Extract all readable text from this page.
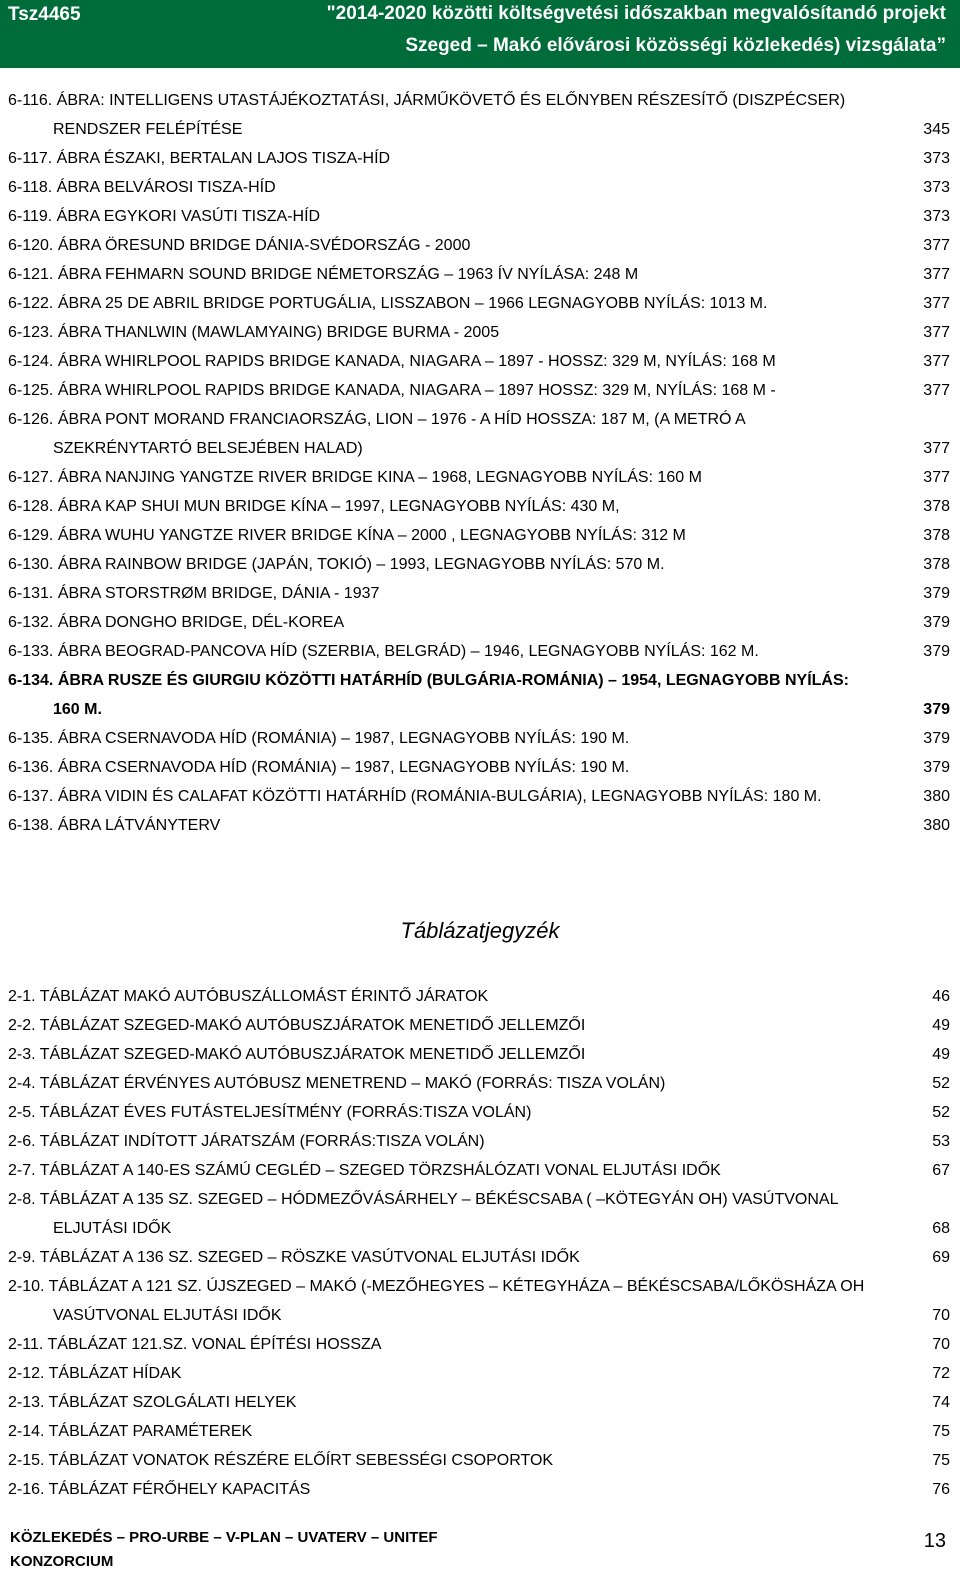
Tsz4465	"2014-2020 közötti költségvetési időszakban megvalósítandó projekt
Szeged – Makó elővárosi közösségi közlekedés) vizsgálata”
6-116. ÁBRA: INTELLIGENS UTASTÁJÉKOZTATÁSI, JÁRMŰKÖVETŐ ÉS ELŐNYBEN RÉSZESÍTŐ (DISZPÉCSER)
RENDSZER FELÉPÍTÉSE	345
6-117. ÁBRA ÉSZAKI, BERTALAN LAJOS TISZA-HÍD	373
6-118. ÁBRA BELVÁROSI TISZA-HÍD	373
6-119. ÁBRA EGYKORI VASÚTI TISZA-HÍD	373
6-120. ÁBRA ÖRESUND BRIDGE DÁNIA-SVÉDORSZÁG - 2000	377
6-121. ÁBRA FEHMARN SOUND BRIDGE NÉMETORSZÁG – 1963 ÍV NYÍLÁSA: 248 M	377
6-122. ÁBRA 25 DE ABRIL BRIDGE PORTUGÁLIA, LISSZABON – 1966 LEGNAGYOBB NYÍLÁS: 1013 M.	377
6-123. ÁBRA THANLWIN (MAWLAMYAING) BRIDGE BURMA - 2005	377
6-124. ÁBRA WHIRLPOOL RAPIDS BRIDGE KANADA, NIAGARA – 1897 - HOSSZ: 329 M, NYÍLÁS: 168 M	377
6-125. ÁBRA WHIRLPOOL RAPIDS BRIDGE KANADA, NIAGARA – 1897 HOSSZ: 329 M, NYÍLÁS: 168 M -	377
6-126. ÁBRA PONT MORAND FRANCIAORSZÁG, LION – 1976 - A HÍD HOSSZA: 187 M, (A METRÓ A
SZEKRÉNYTARTÓ BELSEJÉBEN HALAD)	377
6-127. ÁBRA NANJING YANGTZE RIVER BRIDGE KINA – 1968, LEGNAGYOBB NYÍLÁS: 160 M	377
6-128. ÁBRA KAP SHUI MUN BRIDGE KÍNA – 1997, LEGNAGYOBB NYÍLÁS: 430 M,	378
6-129. ÁBRA WUHU YANGTZE RIVER BRIDGE KÍNA – 2000 , LEGNAGYOBB NYÍLÁS: 312 M	378
6-130. ÁBRA RAINBOW BRIDGE (JAPÁN, TOKIÓ) – 1993, LEGNAGYOBB NYÍLÁS: 570 M.	378
6-131. ÁBRA STORSTRØM BRIDGE, DÁNIA - 1937	379
6-132. ÁBRA DONGHO BRIDGE, DÉL-KOREA	379
6-133. ÁBRA BEOGRAD-PANCOVA HÍD (SZERBIA, BELGRÁD) – 1946, LEGNAGYOBB NYÍLÁS: 162 M.	379
6-134. ÁBRA RUSZE ÉS GIURGIU KÖZÖTTI HATÁRHÍD (BULGÁRIA-ROMÁNIA) – 1954, LEGNAGYOBB NYÍLÁS:
160 M.	379
6-135. ÁBRA CSERNAVODA HÍD (ROMÁNIA) – 1987, LEGNAGYOBB NYÍLÁS: 190 M.	379
6-136. ÁBRA CSERNAVODA HÍD (ROMÁNIA) – 1987, LEGNAGYOBB NYÍLÁS: 190 M.	379
6-137. ÁBRA VIDIN ÉS CALAFAT KÖZÖTTI HATÁRHÍD (ROMÁNIA-BULGÁRIA), LEGNAGYOBB NYÍLÁS: 180 M.	380
6-138. ÁBRA LÁTVÁNYTERV	380
Táblázatjegyzék
2-1. TÁBLÁZAT MAKÓ AUTÓBUSZÁLLOMÁST ÉRINTŐ JÁRATOK	46
2-2. TÁBLÁZAT SZEGED-MAKÓ AUTÓBUSZJÁRATOK MENETIDŐ JELLEMZŐI	49
2-3. TÁBLÁZAT SZEGED-MAKÓ AUTÓBUSZJÁRATOK MENETIDŐ JELLEMZŐI	49
2-4. TÁBLÁZAT ÉRVÉNYES AUTÓBUSZ MENETREND – MAKÓ (FORRÁS: TISZA VOLÁN)	52
2-5. TÁBLÁZAT ÉVES FUTÁSTELJESÍTMÉNY (FORRÁS:TISZA VOLÁN)	52
2-6. TÁBLÁZAT INDÍTOTT JÁRATSZÁM (FORRÁS:TISZA VOLÁN)	53
2-7. TÁBLÁZAT A 140-ES SZÁMÚ CEGLÉD – SZEGED TÖRZSHÁLÓZATI VONAL ELJUTÁSI IDŐK	67
2-8. TÁBLÁZAT A 135 SZ. SZEGED – HÓDMEZŐVÁSÁRHELY – BÉKÉSCSABA ( –KÖTEGYÁN OH) VASÚTVONAL
ELJUTÁSI IDŐK	68
2-9. TÁBLÁZAT A 136 SZ. SZEGED – RÖSZKE VASÚTVONAL ELJUTÁSI IDŐK	69
2-10. TÁBLÁZAT A 121 SZ. ÚJSZEGED – MAKÓ (-MEZŐHEGYES – KÉTEGYHÁZA – BÉKÉSCSABA/LŐKÖSHÁZA OH
VASÚTVONAL ELJUTÁSI IDŐK	70
2-11. TÁBLÁZAT 121.SZ. VONAL ÉPÍTÉSI HOSSZA	70
2-12. TÁBLÁZAT HÍDAK	72
2-13. TÁBLÁZAT SZOLGÁLATI HELYEK	74
2-14. TÁBLÁZAT PARAMÉTEREK	75
2-15. TÁBLÁZAT VONATOK RÉSZÉRE ELŐÍRT SEBESSÉGI CSOPORTOK	75
2-16. TÁBLÁZAT FÉRŐHELY KAPACITÁS	76
KÖZLEKEDÉS – PRO-URBE – V-PLAN – UVATERV – UNITEF
KONZORCIUM
13
